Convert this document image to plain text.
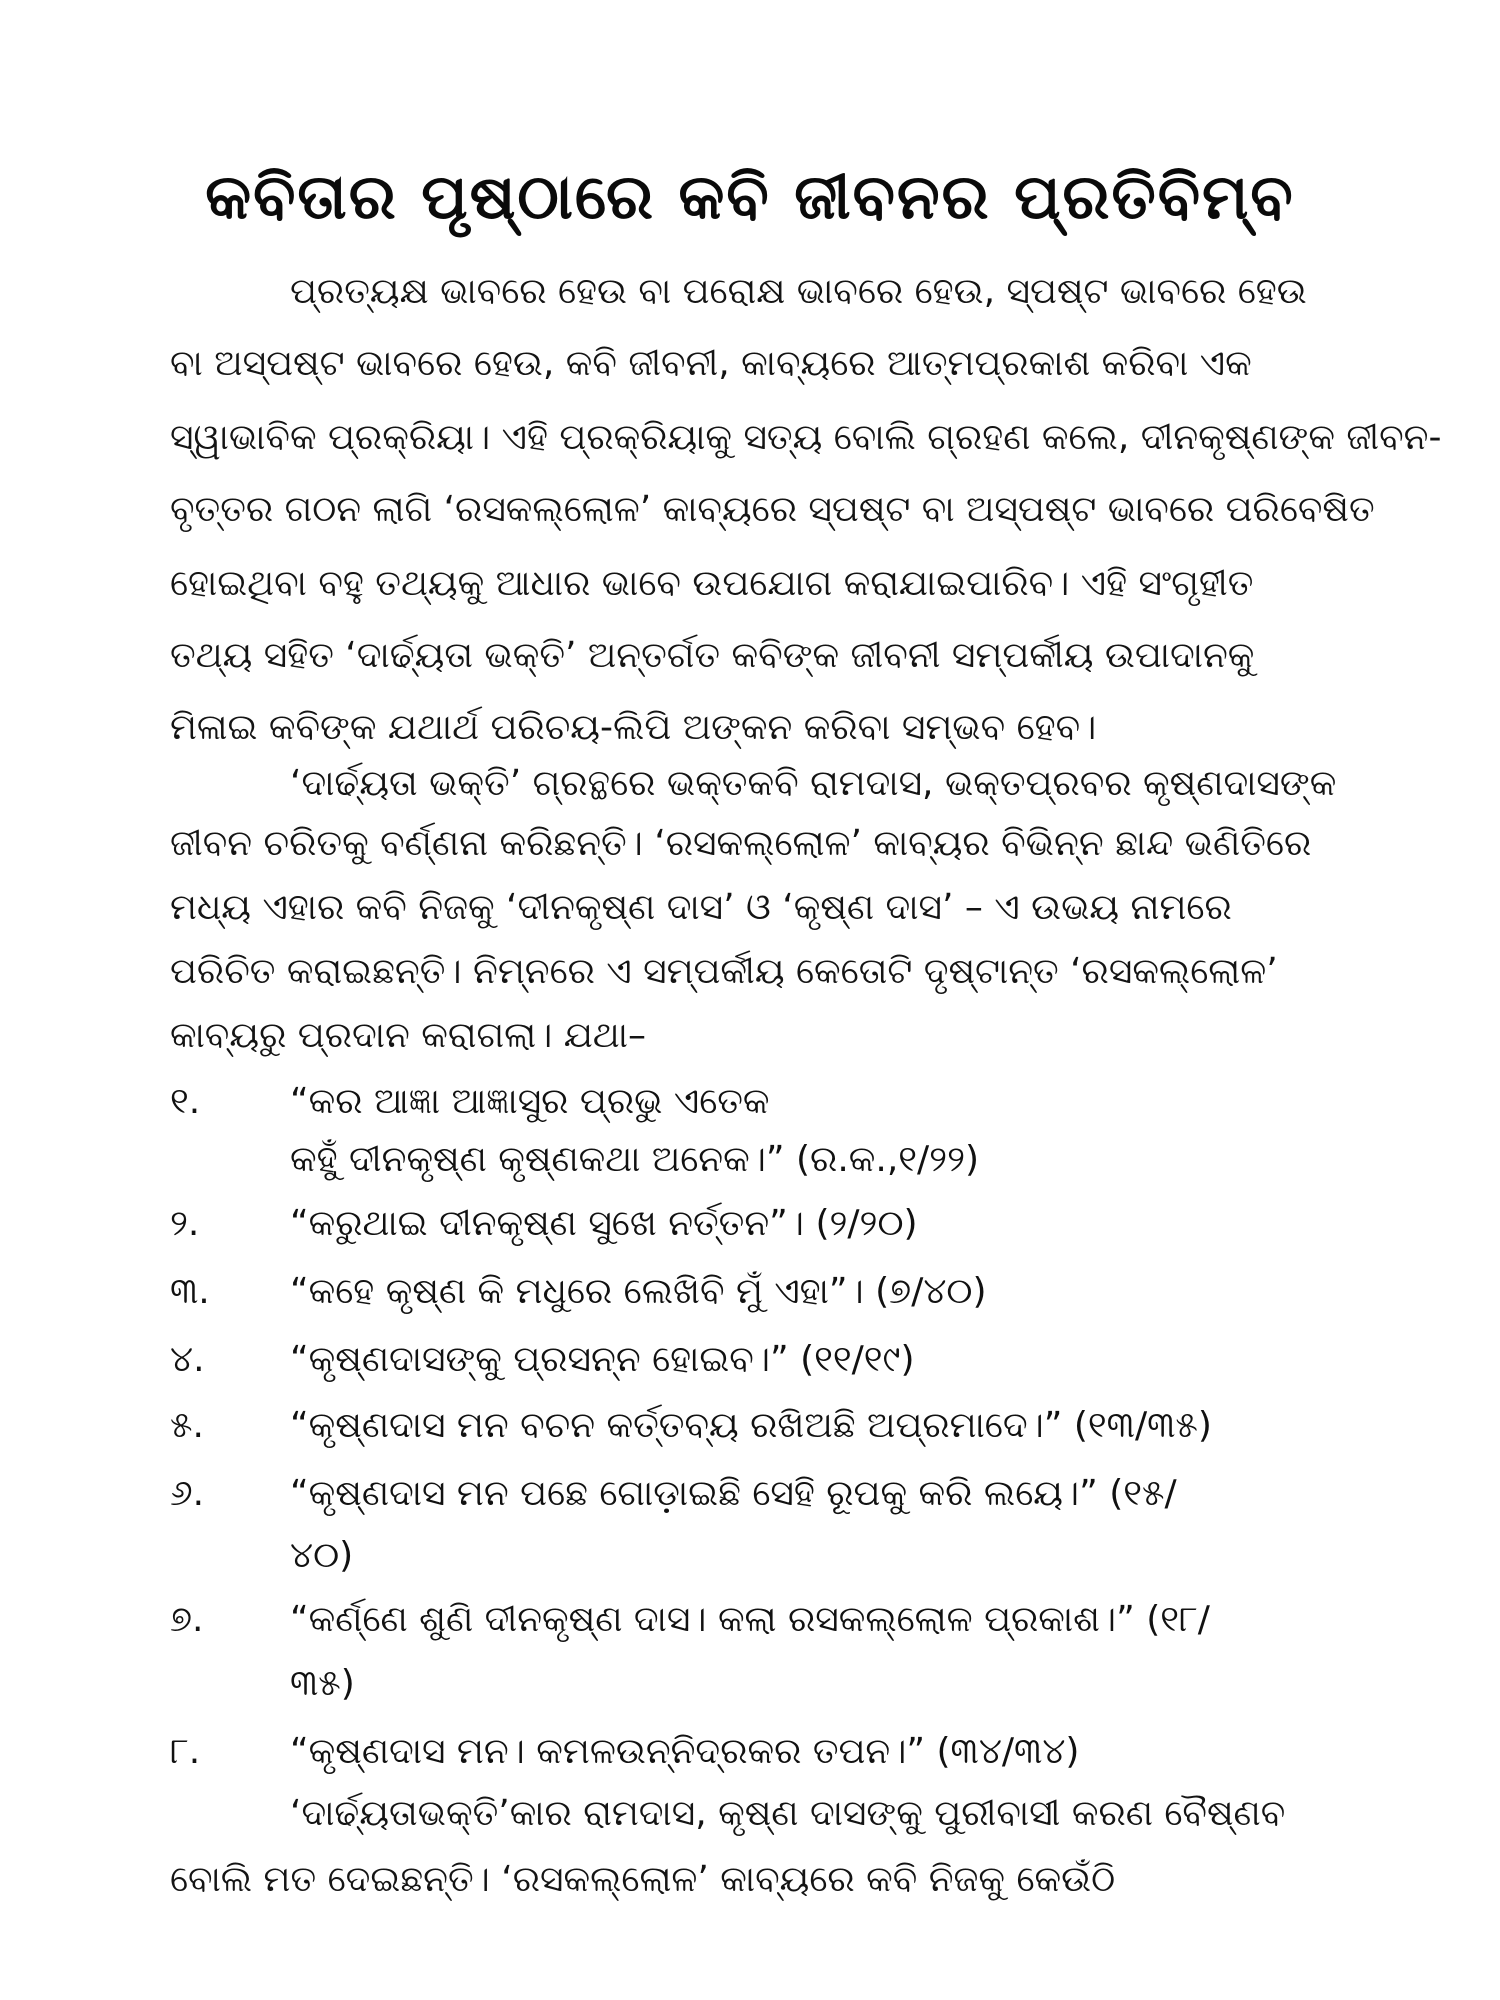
କବିତାର ପୃଷ୍ଠାରେ କବି ଜୀବନର ପ୍ରତିବିମ୍ବ
ପ୍ରତ୍ୟକ୍ଷ ଭାବରେ ହେଉ ବା ପରୋକ୍ଷ ଭାବରେ ହେଉ, ସ୍ପଷ୍ଟ ଭାବରେ ହେଉ
ବା ଅସ୍ପଷ୍ଟ ଭାବରେ ହେଉ, କବି ଜୀବନୀ, କାବ୍ୟରେ ଆତ୍ମପ୍ରକାଶ କରିବା ଏକ
ସ୍ୱାଭାବିକ ପ୍ରକ୍ରିୟା। ଏହି ପ୍ରକ୍ରିୟାକୁ ସତ୍ୟ ବୋଲି ଗ୍ରହଣ କଲେ, ଦୀନକୃଷ୍ଣଙ୍କ ଜୀବନ-
ବୃତ୍ତର ଗଠନ ଲାଗି ‘ରସକଲ୍ଲୋଳ’ କାବ୍ୟରେ ସ୍ପଷ୍ଟ ବା ଅସ୍ପଷ୍ଟ ଭାବରେ ପରିବେଷିତ
ହୋଇଥିବା ବହୁ ତଥ୍ୟକୁ ଆଧାର ଭାବେ ଉପଯୋଗ କରାଯାଇପାରିବ। ଏହି ସଂଗୃହୀତ
ତଥ୍ୟ ସହିତ ‘ଦାର୍ଢ୍ୟତା ଭକ୍ତି’ ଅନ୍ତର୍ଗତ କବିଙ୍କ ଜୀବନୀ ସମ୍ପର୍କୀୟ ଉପାଦାନକୁ
ମିଳାଇ କବିଙ୍କ ଯଥାର୍ଥ ପରିଚୟ-ଲିପି ଅଙ୍କନ କରିବା ସମ୍ଭବ ହେବ।
‘ଦାର୍ଢ୍ୟତା ଭକ୍ତି’ ଗ୍ରନ୍ଥରେ ଭକ୍ତକବି ରାମଦାସ, ଭକ୍ତପ୍ରବର କୃଷ୍ଣଦାସଙ୍କ
ଜୀବନ ଚରିତକୁ ବର୍ଣ୍ଣନା କରିଛନ୍ତି। ‘ରସକଲ୍ଲୋଳ’ କାବ୍ୟର ବିଭିନ୍ନ ଛାନ୍ଦ ଭଣିତିରେ
ମଧ୍ୟ ଏହାର କବି ନିଜକୁ ‘ଦୀନକୃଷ୍ଣ ଦାସ’ ଓ ‘କୃଷ୍ଣ ଦାସ’ – ଏ ଉଭୟ ନାମରେ
ପରିଚିତ କରାଇଛନ୍ତି। ନିମ୍ନରେ ଏ ସମ୍ପର୍କୀୟ କେତୋଟି ଦୃଷ୍ଟାନ୍ତ ‘ରସକଲ୍ଲୋଳ’
କାବ୍ୟରୁ ପ୍ରଦାନ କରାଗଲା। ଯଥା–
୧. “କର ଆଜ୍ଞା ଆଜ୍ଞାସୁର ପ୍ରଭୁ ଏତେକ
କହୁଁ ଦୀନକୃଷ୍ଣ କୃଷ୍ଣକଥା ଅନେକ।” (ର.କ.,୧/୨୨)
୨.	“କରୁଥାଇ ଦୀନକୃଷ୍ଣ ସୁଖେ ନର୍ତ୍ତନ”। (୨/୨୦)
୩. “କହେ କୃଷ୍ଣ କି ମଧୁରେ ଲେଖିବି ମୁଁ ଏହା”। (୭/୪୦)
୪. “କୃଷ୍ଣଦାସଙ୍କୁ ପ୍ରସନ୍ନ ହୋଇବ।” (୧୧/୧୯)
୫. “କୃଷ୍ଣଦାସ ମନ ବଚନ କର୍ତ୍ତବ୍ୟ ରଖିଅଛି ଅପ୍ରମାଦେ।” (୧୩/୩୫)
୬. “କୃଷ୍ଣଦାସ ମନ ପଛେ ଗୋଡ଼ାଇଛି ସେହି ରୂପକୁ କରି ଲୟେ।” (୧୫/
୪୦)
୭. “କର୍ଣ୍ଣେ ଶୁଣି ଦୀନକୃଷ୍ଣ ଦାସ। କଲା ରସକଲ୍ଲୋଳ ପ୍ରକାଶ।” (୧୮/
୩୫)
୮. “କୃଷ୍ଣଦାସ ମନ। କମଳଉନ୍ନିଦ୍ରକର ତପନ।” (୩୪/୩୪)
‘ଦାର୍ଢ୍ୟତାଭକ୍ତି’କାର ରାମଦାସ, କୃଷ୍ଣ ଦାସଙ୍କୁ ପୁରୀବାସୀ କରଣ ବୈଷ୍ଣବ
ବୋଲି ମତ ଦେଇଛନ୍ତି। ‘ରସକଲ୍ଲୋଳ’ କାବ୍ୟରେ କବି ନିଜକୁ କେଉଁଠି
